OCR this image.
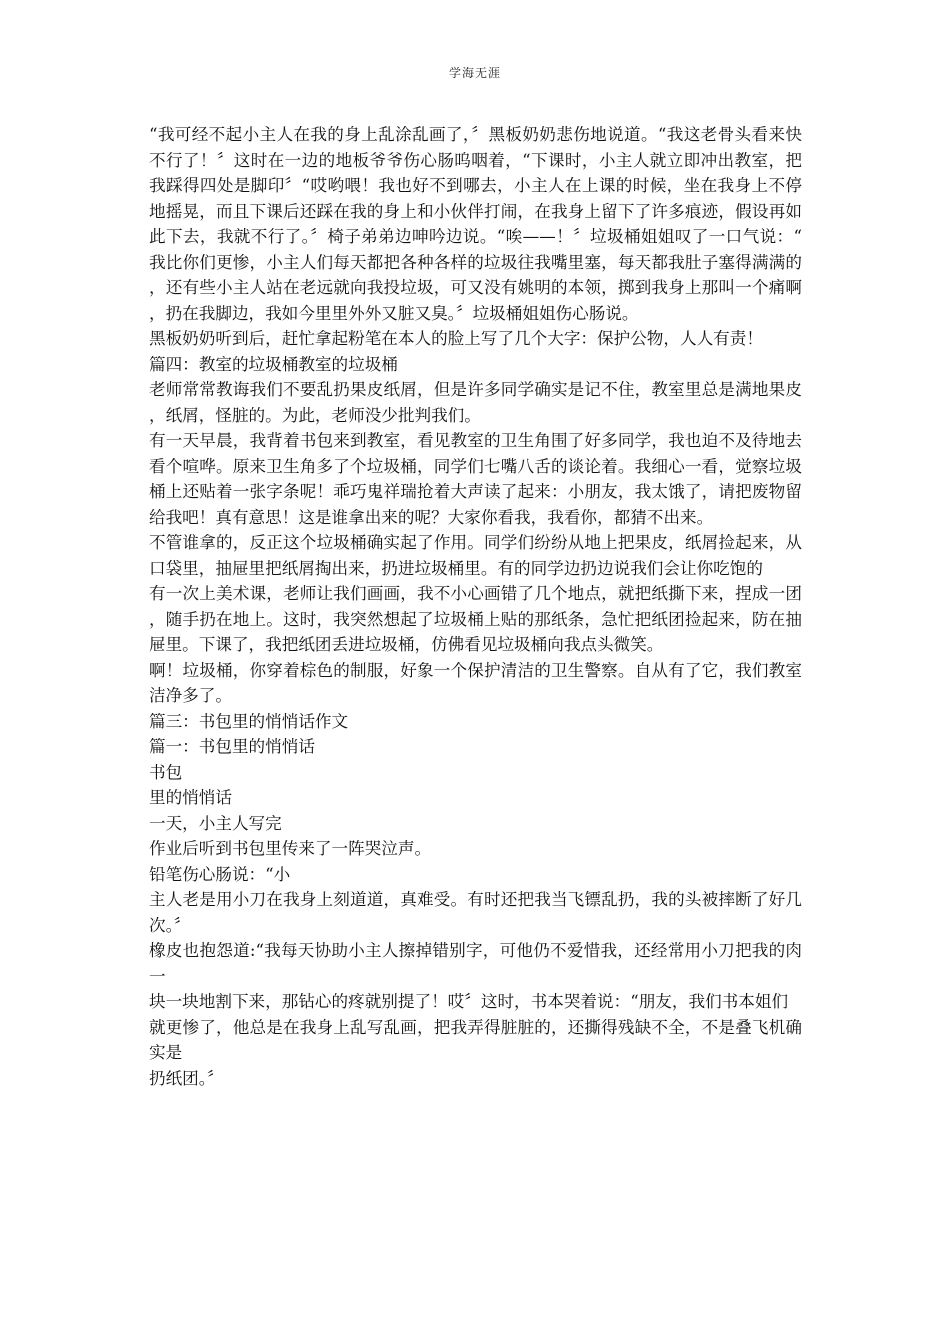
学海无涯

“我可经不起小主人在我的身上乱涂乱画了，〞黑板奶奶悲伤地说道。“我这老骨头看来快不行了！〞这时在一边的地板爷爷伤心肠呜咽着，“下课时，小主人就立即冲出教室，把我踩得四处是脚印〞“哎哟喂！我也好不到哪去，小主人在上课的时候，坐在我身上不停地摇晃，而且下课后还踩在我的身上和小伙伴打闹，在我身上留下了许多痕迹，假设再如此下去，我就不行了。〞椅子弟弟边呻吟边说。“唉——！〞垃圾桶姐姐叹了一口气说：“我比你们更惨，小主人们每天都把各种各样的垃圾往我嘴里塞，每天都我肚子塞得满满的，还有些小主人站在老远就向我投垃圾，可又没有姚明的本领，掷到我身上那叫一个痛啊，扔在我脚边，我如今里里外外又脏又臭。〞垃圾桶姐姐伤心肠说。

黑板奶奶听到后，赶忙拿起粉笔在本人的脸上写了几个大字：保护公物，人人有责！

篇四：教室的垃圾桶教室的垃圾桶

老师常常教诲我们不要乱扔果皮纸屑，但是许多同学确实是记不住，教室里总是满地果皮，纸屑，怪脏的。为此，老师没少批判我们。

有一天早晨，我背着书包来到教室，看见教室的卫生角围了好多同学，我也迫不及待地去看个喧哗。原来卫生角多了个垃圾桶，同学们七嘴八舌的谈论着。我细心一看，觉察垃圾桶上还贴着一张字条呢！乖巧鬼祥瑞抢着大声读了起来：小朋友，我太饿了，请把废物留给我吧！真有意思！这是谁拿出来的呢？大家你看我，我看你，都猜不出来。

不管谁拿的，反正这个垃圾桶确实起了作用。同学们纷纷从地上把果皮，纸屑捡起来，从口袋里，抽屉里把纸屑掏出来，扔进垃圾桶里。有的同学边扔边说我们会让你吃饱的

有一次上美术课，老师让我们画画，我不小心画错了几个地点，就把纸撕下来，捏成一团，随手扔在地上。这时，我突然想起了垃圾桶上贴的那纸条，急忙把纸团捡起来，防在抽屉里。下课了，我把纸团丢进垃圾桶，仿佛看见垃圾桶向我点头微笑。

啊！垃圾桶，你穿着棕色的制服，好象一个保护清洁的卫生警察。自从有了它，我们教室洁净多了。

篇三：书包里的悄悄话作文

篇一：书包里的悄悄话

书包

里的悄悄话

一天，小主人写完

作业后听到书包里传来了一阵哭泣声。

铅笔伤心肠说：“小

主人老是用小刀在我身上刻道道，真难受。有时还把我当飞镖乱扔，我的头被摔断了好几次。〞

橡皮也抱怨道:“我每天协助小主人擦掉错别字，可他仍不爱惜我，还经常用小刀把我的肉一

块一块地割下来，那钻心的疼就别提了！哎〞这时，书本哭着说：“朋友，我们书本姐们

就更惨了，他总是在我身上乱写乱画，把我弄得脏脏的，还撕得残缺不全，不是叠飞机确实是

扔纸团。〞
